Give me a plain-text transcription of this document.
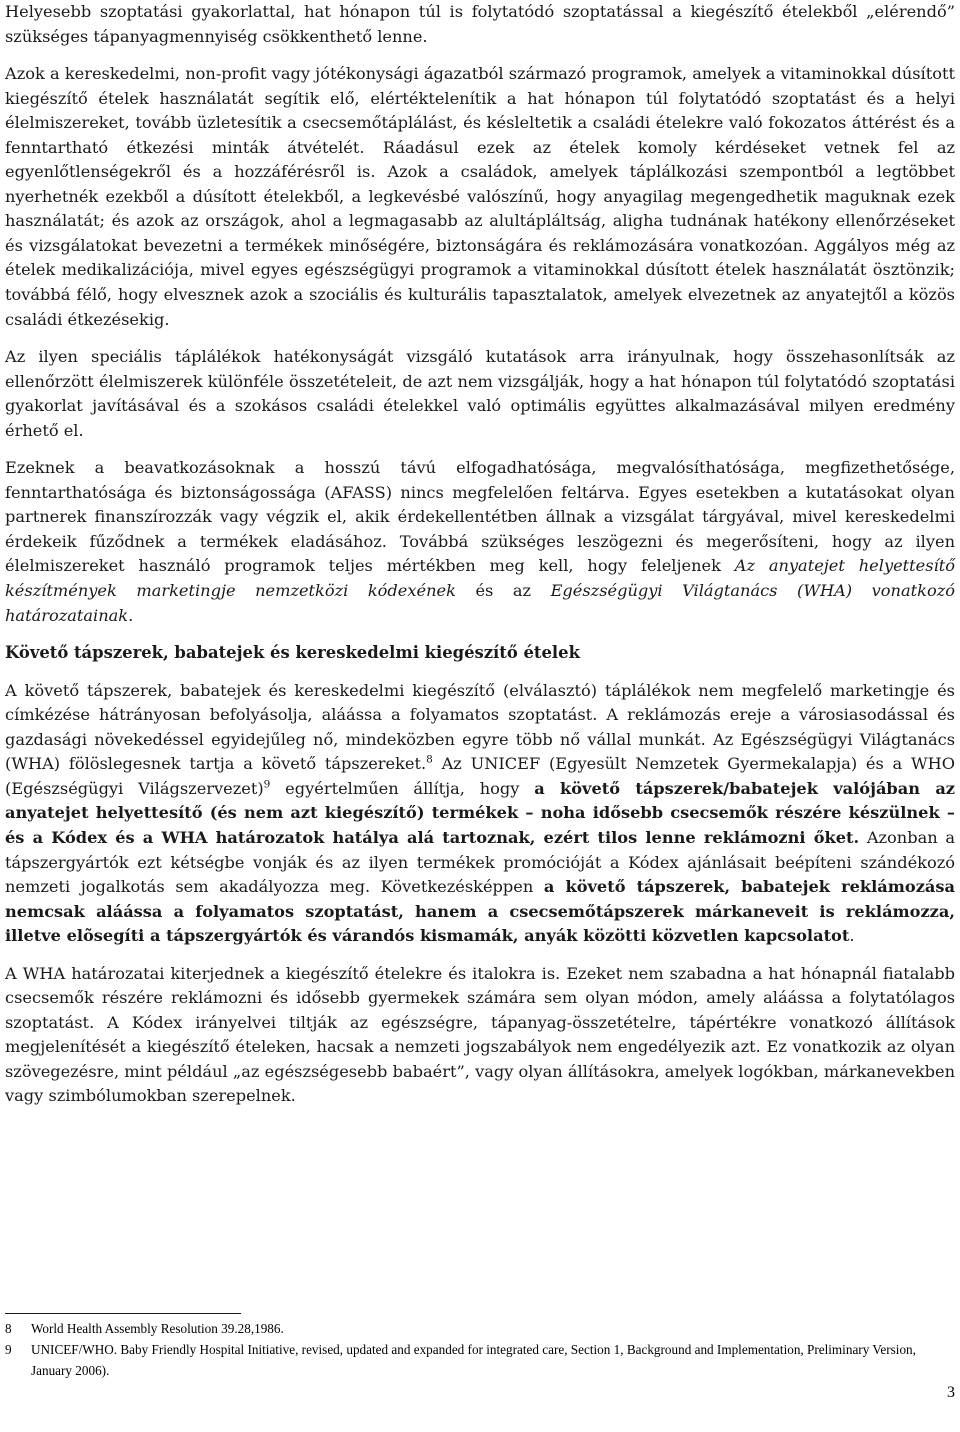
Helyesebb szoptatási gyakorlattal, hat hónapon túl is folytatódó szoptatással a kiegészítő ételekből „elérendő” szükséges tápanyagmennyiség csökkenthető lenne.

Azok a kereskedelmi, non-profit vagy jótékonysági ágazatból származó programok, amelyek a vitaminokkal dúsított kiegészítő ételek használatát segítik elő, elértéktelenítik a hat hónapon túl folytatódó szoptatást és a helyi élelmiszereket, tovább üzletesítik a csecsemőtáplálást, és késleltetik a családi ételekre való fokozatos áttérést és a fenntartható étkezési minták átvételét. Ráadásul ezek az ételek komoly kérdéseket vetnek fel az egyenlőtlenségekről és a hozzáférésről is. Azok a családok, amelyek táplálkozási szempontból a legtöbbet nyerhetnék ezekből a dúsított ételekből, a legkevésbé valószínű, hogy anyagilag megengedhetik maguknak ezek használatát; és azok az országok, ahol a legmagasabb az alultápláltság, aligha tudnának hatékony ellenőrzéseket és vizsgálatokat bevezetni a termékek minőségére, biztonságára és reklámozására vonatkozóan. Aggályos még az ételek medikalizációja, mivel egyes egészségügyi programok a vitaminokkal dúsított ételek használatát ösztönzik; továbbá félő, hogy elvesznek azok a szociális és kulturális tapasztalatok, amelyek elvezetnek az anyatejtől a közös családi étkezésekig.

Az ilyen speciális táplálékok hatékonyságát vizsgáló kutatások arra irányulnak, hogy összehasonlítsák az ellenőrzött élelmiszerek különféle összetételeit, de azt nem vizsgálják, hogy a hat hónapon túl folytatódó szoptatási gyakorlat javításával és a szokásos családi ételekkel való optimális együttes alkalmazásával milyen eredmény érhető el.

Ezeknek a beavatkozásoknak a hosszú távú elfogadhatósága, megvalósíthatósága, megfizethetősége, fenntarthatósága és biztonságossága (AFASS) nincs megfelelően feltárva. Egyes esetekben a kutatásokat olyan partnerek finanszírozzák vagy végzik el, akik érdekellentétben állnak a vizsgálat tárgyával, mivel kereskedelmi érdekeik fűződnek a termékek eladásához. Továbbá szükséges leszögezni és megerősíteni, hogy az ilyen élelmiszereket használó programok teljes mértékben meg kell, hogy feleljenek Az anyatejet helyettesítő készítmények marketingje nemzetközi kódexének és az Egészségügyi Világtanács (WHA) vonatkozó határozatainak.

Követő tápszerek, babatejek és kereskedelmi kiegészítő ételek

A követő tápszerek, babatejek és kereskedelmi kiegészítő (elválasztó) táplálékok nem megfelelő marketingje és címkézése hátrányosan befolyásolja, aláássa a folyamatos szoptatást. A reklámozás ereje a városiasodással és gazdasági növekedéssel egyidejűleg nő, mindeközben egyre több nő vállal munkát. Az Egészségügyi Világtanács (WHA) fölöslegesnek tartja a követő tápszereket.$^8$ Az UNICEF (Egyesült Nemzetek Gyermekalapja) és a WHO (Egészségügyi Világszervezet)$^9$ egyértelműen állítja, hogy a követő tápszerek/babatejek valójában az anyatejet helyettesítő (és nem azt kiegészítő) termékek – noha idősebb csecsemők részére készülnek – és a Kódex és a WHA határozatok hatálya alá tartoznak, ezért tilos lenne reklámozni őket. Azonban a tápszergyártók ezt kétségbe vonják és az ilyen termékek promócióját a Kódex ajánlásait beépíteni szándékozó nemzeti jogalkotás sem akadályozza meg. Következésképpen a követő tápszerek, babatejek reklámozása nemcsak aláássa a folyamatos szoptatást, hanem a csecsemőtápszerek márkaneveit is reklámozza, illetve elõsegíti a tápszergyártók és várandós kismamák, anyák közötti közvetlen kapcsolatot.

A WHA határozatai kiterjednek a kiegészítő ételekre és italokra is. Ezeket nem szabadna a hat hónapnál fiatalabb csecsemők részére reklámozni és idősebb gyermekek számára sem olyan módon, amely aláássa a folytatólagos szoptatást. A Kódex irányelvei tiltják az egészségre, tápanyag-összetételre, tápértékre vonatkozó állítások megjelenítését a kiegészítő ételeken, hacsak a nemzeti jogszabályok nem engedélyezik azt. Ez vonatkozik az olyan szövegezésre, mint például „az egészségesebb babaért”, vagy olyan állításokra, amelyek logókban, márkanevekben vagy szimbólumokban szerepelnek.

8	World Health Assembly Resolution 39.28,1986.
9	UNICEF/WHO. Baby Friendly Hospital Initiative, revised, updated and expanded for integrated care, Section 1, Background and Implementation, Preliminary Version, January 2006).
3
